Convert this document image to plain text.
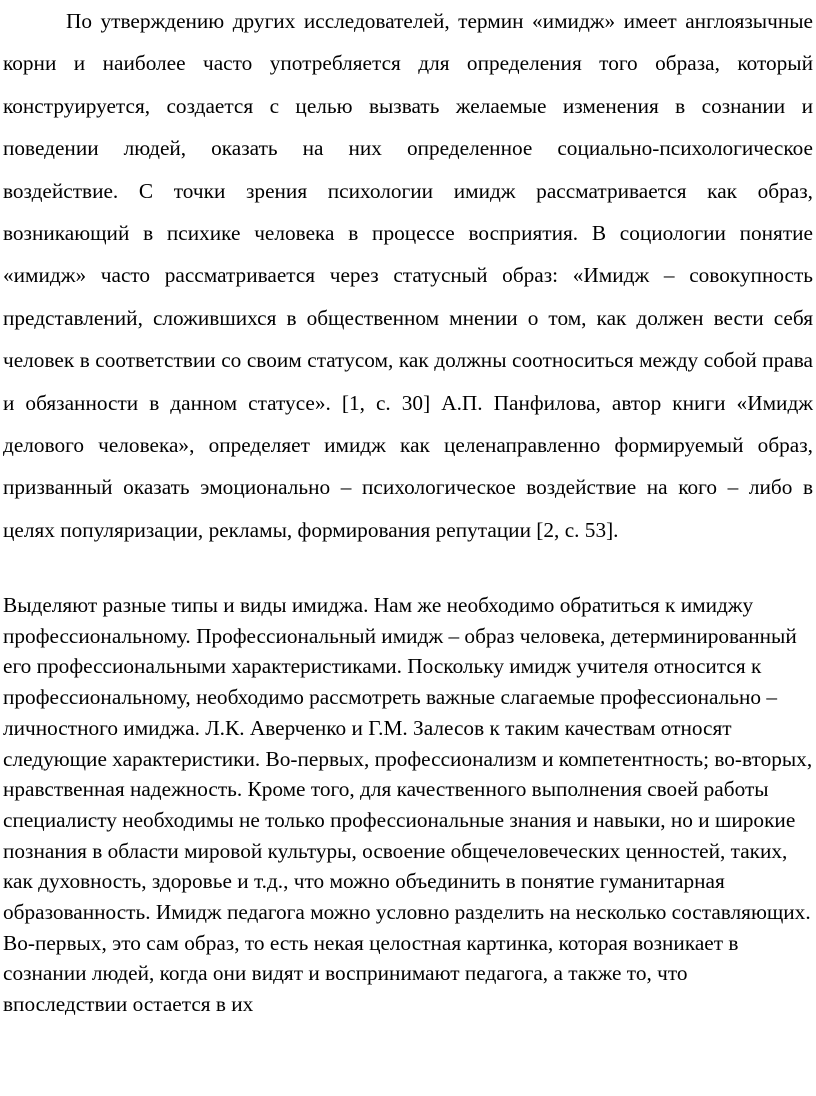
По утверждению других исследователей, термин «имидж» имеет англоязычные корни и наиболее часто употребляется для определения того образа, который конструируется, создается с целью вызвать желаемые изменения в сознании и поведении людей, оказать на них определенное социально-психологическое воздействие. С точки зрения психологии имидж рассматривается как образ, возникающий в психике человека в процессе восприятия. В социологии понятие «имидж» часто рассматривается через статусный образ: «Имидж – совокупность представлений, сложившихся в общественном мнении о том, как должен вести себя человек в соответствии со своим статусом, как должны соотноситься между собой права и обязанности в данном статусе». [1, с. 30] А.П. Панфилова, автор книги «Имидж делового человека», определяет имидж как целенаправленно формируемый образ, призванный оказать эмоционально – психологическое воздействие на кого – либо в целях популяризации, рекламы, формирования репутации [2, с. 53].

Выделяют разные типы и виды имиджа. Нам же необходимо обратиться к имиджу профессиональному. Профессиональный имидж – образ человека, детерминированный его профессиональными характеристиками. Поскольку имидж учителя относится к профессиональному, необходимо рассмотреть важные слагаемые профессионально – личностного имиджа. Л.К. Аверченко и Г.М. Залесов к таким качествам относят следующие характеристики. Во-первых, профессионализм и компетентность; во-вторых, нравственная надежность. Кроме того, для качественного выполнения своей работы специалисту необходимы не только профессиональные знания и навыки, но и широкие познания в области мировой культуры, освоение общечеловеческих ценностей, таких, как духовность, здоровье и т.д., что можно объединить в понятие гуманитарная образованность. Имидж педагога можно условно разделить на несколько составляющих. Во-первых, это сам образ, то есть некая целостная картинка, которая возникает в сознании людей, когда они видят и воспринимают педагога, а также то, что впоследствии остается в их
